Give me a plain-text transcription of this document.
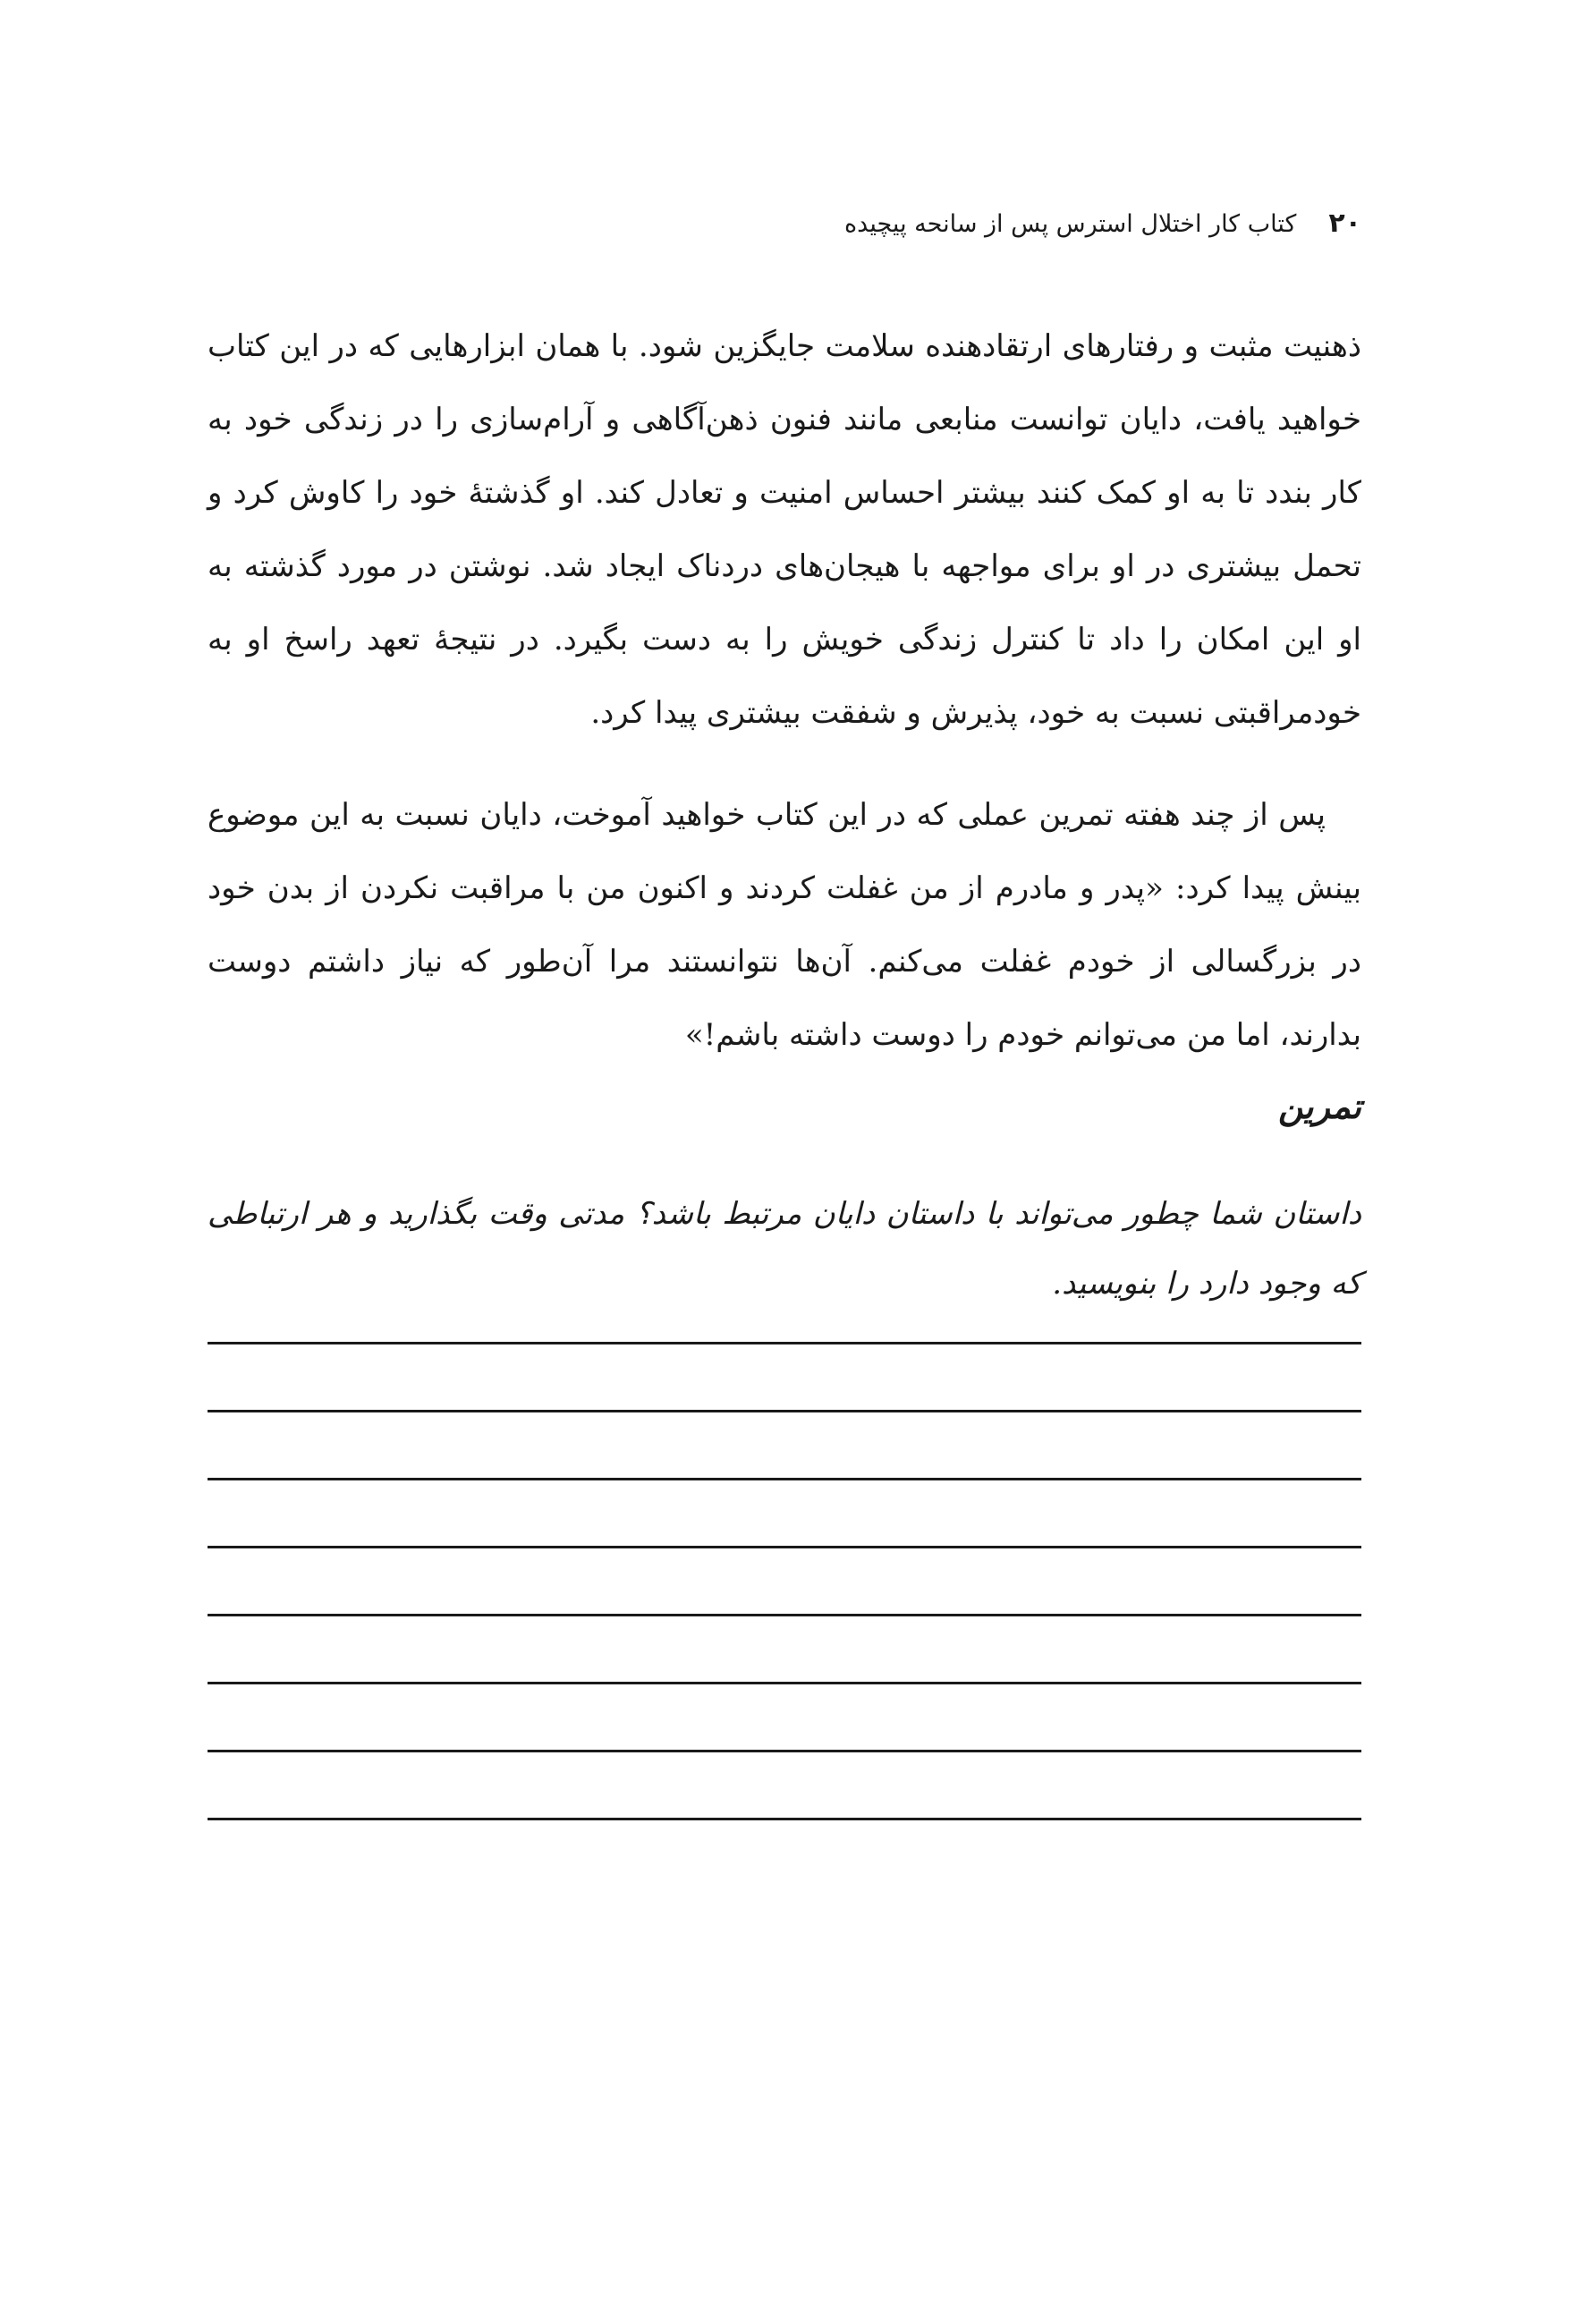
۲۰
کتاب کار اختلال استرس پس از سانحه پیچیده

ذهنیت مثبت و رفتارهای ارتقادهنده سلامت جایگزین شود. با همان ابزارهایی که در این کتاب خواهید یافت، دایان توانست منابعی مانند فنون ذهن‌آگاهی و آرام‌سازی را در زندگی خود به کار بندد تا به او کمک کنند بیشتر احساس امنیت و تعادل کند. او گذشتهٔ خود را کاوش کرد و تحمل بیشتری در او برای مواجهه با هیجان‌های دردناک ایجاد شد. نوشتن در مورد گذشته به او این امکان را داد تا کنترل زندگی خویش را به دست بگیرد. در نتیجهٔ تعهد راسخ او به خودمراقبتی نسبت به خود، پذیرش و شفقت بیشتری پیدا کرد.

پس از چند هفته تمرین عملی که در این کتاب خواهید آموخت، دایان نسبت به این موضوع بینش پیدا کرد: «پدر و مادرم از من غفلت کردند و اکنون من با مراقبت نکردن از بدن خود در بزرگسالی از خودم غفلت می‌کنم. آن‌ها نتوانستند مرا آن‌طور که نیاز داشتم دوست بدارند، اما من می‌توانم خودم را دوست داشته باشم!»

تمرین

داستان شما چطور می‌تواند با داستان دایان مرتبط باشد؟ مدتی وقت بگذارید و هر ارتباطی که وجود دارد را بنویسید.
